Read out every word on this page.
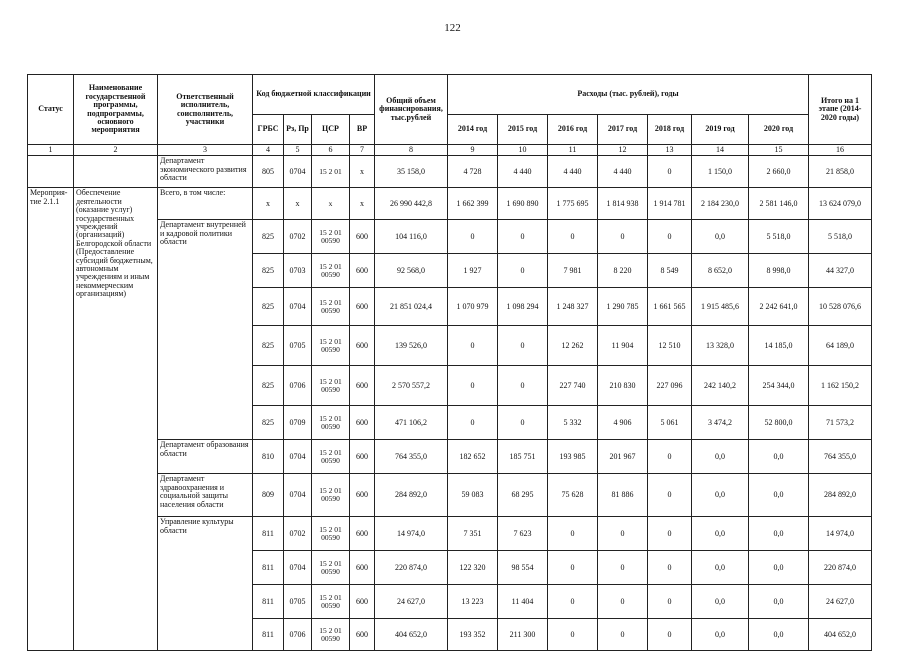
122
Статус	Наименование государственной программы, подпрограммы, основного мероприятия	Ответственный исполнитель, соисполнитель, участники	Код бюджетной классификации				Общий объем финансирования, тыс.рублей	Расходы (тыс. рублей), годы							Итого на 1 этапе (2014-2020 годы)
			ГРБС	Рз, Пр	ЦСР	ВР		2014 год	2015 год	2016 год	2017 год	2018 год	2019 год	2020 год	
1	2	3	4	5	6	7	8	9	10	11	12	13	14	15	16
		Департамент экономического развития области	805	0704	15 2 01	x	35 158,0	4 728	4 440	4 440	4 440	0	1 150,0	2 660,0	21 858,0
Мероприя-тие 2.1.1	Обеспечение деятельности (оказание услуг) государственных учреждений (организаций) Белгородской области (Предоставление субсидий бюджетным, автономным учреждениям и иным некоммерческим организациям)	Всего, в том числе:	x	x	x	x	26 990 442,8	1 662 399	1 690 890	1 775 695	1 814 938	1 914 781	2 184 230,0	2 581 146,0	13 624 079,0
		Департамент внутренней и кадровой политики области	825	0702	15 2 01 00590	600	104 116,0	0	0	0	0	0	0,0	5 518,0	5 518,0
			825	0703	15 2 01 00590	600	92 568,0	1 927	0	7 981	8 220	8 549	8 652,0	8 998,0	44 327,0
			825	0704	15 2 01 00590	600	21 851 024,4	1 070 979	1 098 294	1 248 327	1 290 785	1 661 565	1 915 485,6	2 242 641,0	10 528 076,6
			825	0705	15 2 01 00590	600	139 526,0	0	0	12 262	11 904	12 510	13 328,0	14 185,0	64 189,0
			825	0706	15 2 01 00590	600	2 570 557,2	0	0	227 740	210 830	227 096	242 140,2	254 344,0	1 162 150,2
			825	0709	15 2 01 00590	600	471 106,2	0	0	5 332	4 906	5 061	3 474,2	52 800,0	71 573,2
		Департамент образования области	810	0704	15 2 01 00590	600	764 355,0	182 652	185 751	193 985	201 967	0	0,0	0,0	764 355,0
		Департамент здравоохранения и социальной защиты населения области	809	0704	15 2 01 00590	600	284 892,0	59 083	68 295	75 628	81 886	0	0,0	0,0	284 892,0
		Управление культуры области	811	0702	15 2 01 00590	600	14 974,0	7 351	7 623	0	0	0	0,0	0,0	14 974,0
			811	0704	15 2 01 00590	600	220 874,0	122 320	98 554	0	0	0	0,0	0,0	220 874,0
			811	0705	15 2 01 00590	600	24 627,0	13 223	11 404	0	0	0	0,0	0,0	24 627,0
			811	0706	15 2 01 00590	600	404 652,0	193 352	211 300	0	0	0	0,0	0,0	404 652,0
